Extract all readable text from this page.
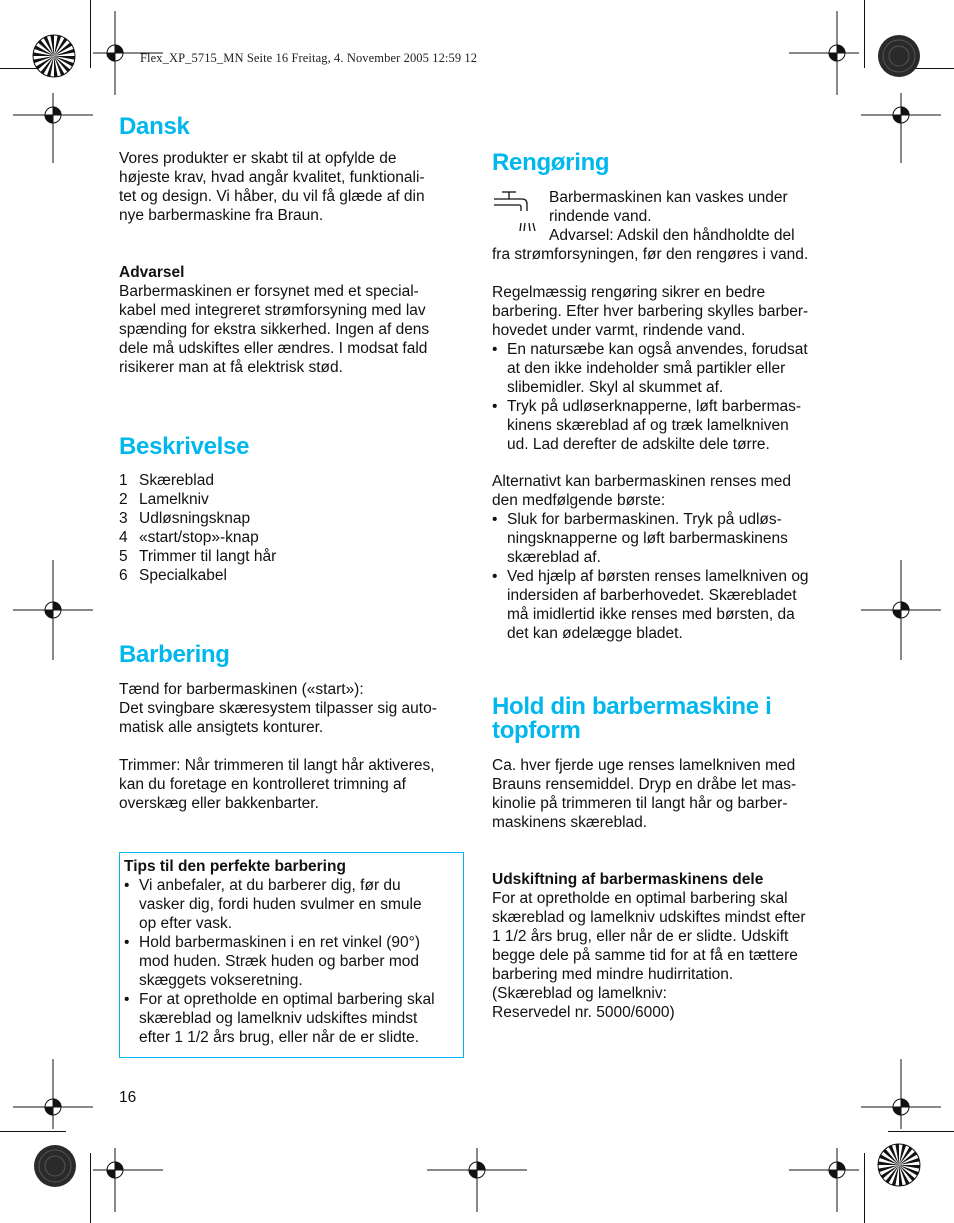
Flex_XP_5715_MN Seite 16 Freitag, 4. November 2005 12:59 12
Dansk

Vores produkter er skabt til at opfylde de

højeste krav, hvad angår kvalitet, funktionali-

tet og design. Vi håber, du vil få glæde af din

nye barbermaskine fra Braun.

Advarsel

Barbermaskinen er forsynet med et special-

kabel med integreret strømforsyning med lav

spænding for ekstra sikkerhed. Ingen af dens

dele må udskiftes eller ændres. I modsat fald

risikerer man at få elektrisk stød.

Beskrivelse
1 Skæreblad
2 Lamelkniv
3 Udløsningsknap
4 «start/stop»-knap
5 Trimmer til langt hår
6 Specialkabel
Barbering

Tænd for barbermaskinen («start»):

Det svingbare skæresystem tilpasser sig auto-

matisk alle ansigtets konturer.

Trimmer: Når trimmeren til langt hår aktiveres,

kan du foretage en kontrolleret trimning af

overskæg eller bakkenbarter.

Tips til den perfekte barbering

• Vi anbefaler, at du barberer dig, før du

vasker dig, fordi huden svulmer en smule

op efter vask.

• Hold barbermaskinen i en ret vinkel (90°)

mod huden. Stræk huden og barber mod

skæggets vokseretning.

• For at opretholde en optimal barbering skal

skæreblad og lamelkniv udskiftes mindst

efter 1 1/2 års brug, eller når de er slidte.

16
Rengøring

Barbermaskinen kan vaskes under

rindende vand.

Advarsel: Adskil den håndholdte del

fra strømforsyningen, før den rengøres i vand.

Regelmæssig rengøring sikrer en bedre

barbering. Efter hver barbering skylles barber-

hovedet under varmt, rindende vand.

• En natursæbe kan også anvendes, forudsat

at den ikke indeholder små partikler eller

slibemidler. Skyl al skummet af.

• Tryk på udløserknapperne, løft barbermas-

kinens skæreblad af og træk lamelkniven

ud. Lad derefter de adskilte dele tørre.

Alternativt kan barbermaskinen renses med

den medfølgende børste:

• Sluk for barbermaskinen. Tryk på udløs-

ningsknapperne og løft barbermaskinens

skæreblad af.

• Ved hjælp af børsten renses lamelkniven og

indersiden af barberhovedet. Skærebladet

må imidlertid ikke renses med børsten, da

det kan ødelægge bladet.

Hold din barbermaskine i
topform

Ca. hver fjerde uge renses lamelkniven med

Brauns rensemiddel. Dryp en dråbe let mas-

kinolie på trimmeren til langt hår og barber-

maskinens skæreblad.

Udskiftning af barbermaskinens dele

For at opretholde en optimal barbering skal

skæreblad og lamelkniv udskiftes mindst efter

1 1/2 års brug, eller når de er slidte. Udskift

begge dele på samme tid for at få en tættere

barbering med mindre hudirritation.

(Skæreblad og lamelkniv:

Reservedel nr. 5000/6000)
